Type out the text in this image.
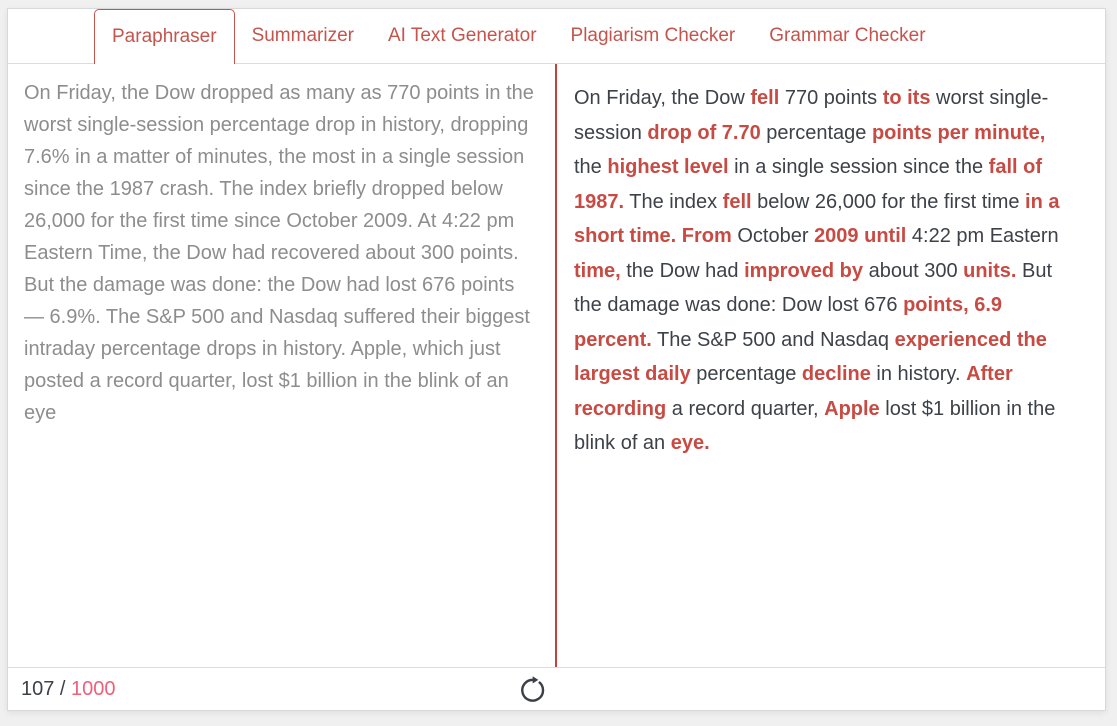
Paraphraser	Summarizer	AI Text Generator	Plagiarism Checker	Grammar Checker

On Friday, the Dow dropped as many as 770 points in the worst single-session percentage drop in history, dropping 7.6% in a matter of minutes, the most in a single session since the 1987 crash. The index briefly dropped below 26,000 for the first time since October 2009. At 4:22 pm Eastern Time, the Dow had recovered about 300 points. But the damage was done: the Dow had lost 676 points — 6.9%. The S&P 500 and Nasdaq suffered their biggest intraday percentage drops in history. Apple, which just posted a record quarter, lost $1 billion in the blink of an eye

On Friday, the Dow fell 770 points to its worst single-session drop of 7.70 percentage points per minute, the highest level in a single session since the fall of 1987. The index fell below 26,000 for the first time in a short time. From October 2009 until 4:22 pm Eastern time, the Dow had improved by about 300 units. But the damage was done: Dow lost 676 points, 6.9 percent. The S&P 500 and Nasdaq experienced the largest daily percentage decline in history. After recording a record quarter, Apple lost $1 billion in the blink of an eye.

107 / 1000
